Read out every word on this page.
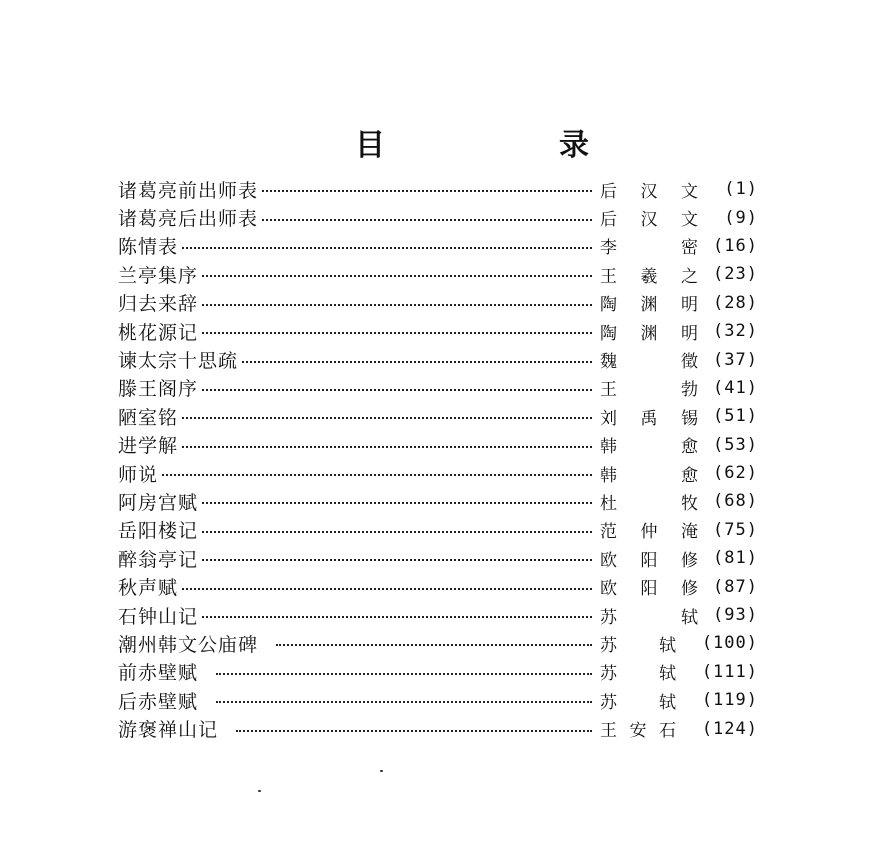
目　录
诸葛亮前出师表	后汉文	(1)
诸葛亮后出师表	后汉文	(9)
陈情表	李 密 (16)
兰亭集序	王羲之 (23)
归去来辞	陶渊明 (28)
桃花源记	陶渊明 (32)
谏太宗十思疏	魏 徵 (37)
滕王阁序	王 勃 (41)
陋室铭	刘禹锡 (51)
进学解	韩 愈 (53)
师说	韩 愈 (62)
阿房宫赋	杜 牧 (68)
岳阳楼记	范仲淹 (75)
醉翁亭记	欧阳修 (81)
秋声赋	欧阳修 (87)
石钟山记	苏 轼 (93)
潮州韩文公庙碑	苏 轼	(100)
前赤壁赋	苏 轼	(111)
后赤壁赋	苏 轼	(119)
游褒禅山记	王安石	(124)
